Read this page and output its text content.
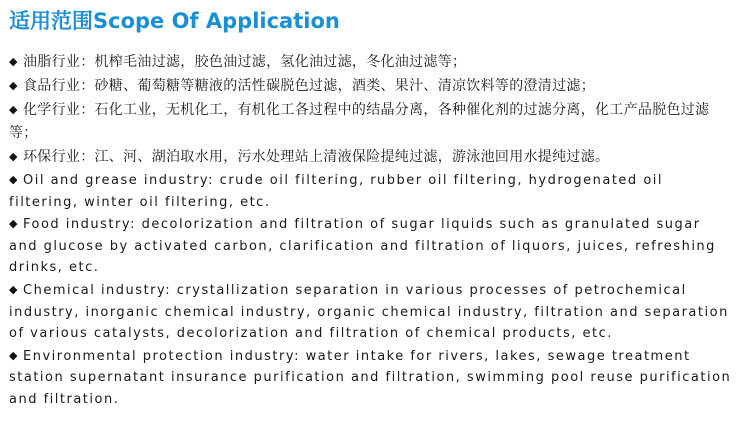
适用范围Scope Of Application
◆ 油脂行业：机榨毛油过滤，胶色油过滤，氢化油过滤，冬化油过滤等；
◆ 食品行业：砂糖、葡萄糖等糖液的活性碳脱色过滤，酒类、果汁、清凉饮料等的澄清过滤；
◆ 化学行业：石化工业，无机化工，有机化工各过程中的结晶分离，各种催化剂的过滤分离，化工产品脱色过滤等；
◆ 环保行业：江、河、湖泊取水用，污水处理站上清液保险提纯过滤，游泳池回用水提纯过滤。
◆ Oil and grease industry: crude oil filtering, rubber oil filtering, hydrogenated oil filtering, winter oil filtering, etc.
◆ Food industry: decolorization and filtration of sugar liquids such as granulated sugar and glucose by activated carbon, clarification and filtration of liquors, juices, refreshing drinks, etc.
◆ Chemical industry: crystallization separation in various processes of petrochemical industry, inorganic chemical industry, organic chemical industry, filtration and separation of various catalysts, decolorization and filtration of chemical products, etc.
◆ Environmental protection industry: water intake for rivers, lakes, sewage treatment station supernatant insurance purification and filtration, swimming pool reuse purification and filtration.
